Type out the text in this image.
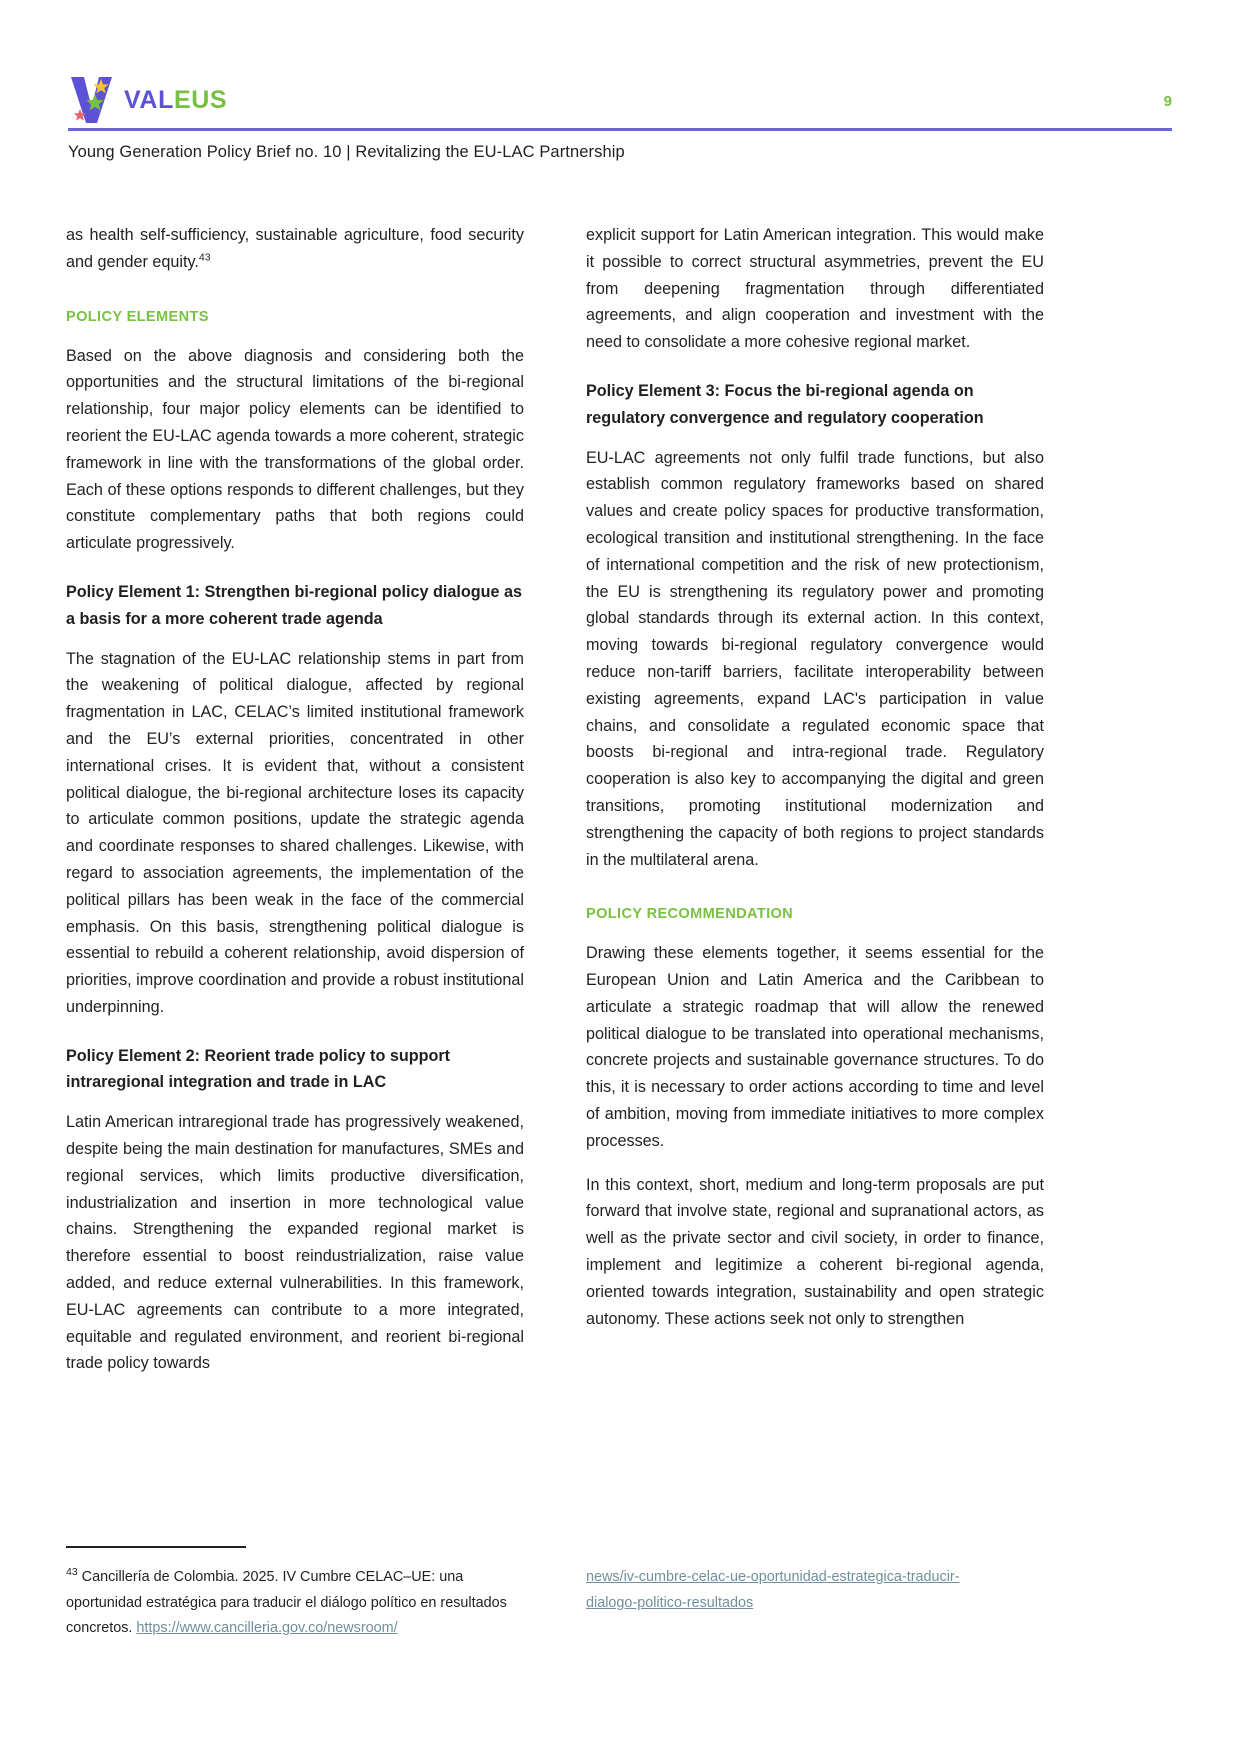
VALEUS	9
Young Generation Policy Brief no. 10 | Revitalizing the EU-LAC Partnership

as health self-sufficiency, sustainable agriculture, food security and gender equity.$^{43}$

POLICY ELEMENTS

Based on the above diagnosis and considering both the opportunities and the structural limitations of the bi-regional relationship, four major policy elements can be identified to reorient the EU-LAC agenda towards a more coherent, strategic framework in line with the transformations of the global order. Each of these options responds to different challenges, but they constitute complementary paths that both regions could articulate progressively.

Policy Element 1: Strengthen bi-regional policy dialogue as a basis for a more coherent trade agenda

The stagnation of the EU-LAC relationship stems in part from the weakening of political dialogue, affected by regional fragmentation in LAC, CELAC’s limited institutional framework and the EU’s external priorities, concentrated in other international crises. It is evident that, without a consistent political dialogue, the bi-regional architecture loses its capacity to articulate common positions, update the strategic agenda and coordinate responses to shared challenges. Likewise, with regard to association agreements, the implementation of the political pillars has been weak in the face of the commercial emphasis. On this basis, strengthening political dialogue is essential to rebuild a coherent relationship, avoid dispersion of priorities, improve coordination and provide a robust institutional underpinning.

Policy Element 2: Reorient trade policy to support intraregional integration and trade in LAC

Latin American intraregional trade has progressively weakened, despite being the main destination for manufactures, SMEs and regional services, which limits productive diversification, industrialization and insertion in more technological value chains. Strengthening the expanded regional market is therefore essential to boost reindustrialization, raise value added, and reduce external vulnerabilities. In this framework, EU-LAC agreements can contribute to a more integrated, equitable and regulated environment, and reorient bi-regional trade policy towards

explicit support for Latin American integration. This would make it possible to correct structural asymmetries, prevent the EU from deepening fragmentation through differentiated agreements, and align cooperation and investment with the need to consolidate a more cohesive regional market.

Policy Element 3: Focus the bi-regional agenda on regulatory convergence and regulatory cooperation

EU-LAC agreements not only fulfil trade functions, but also establish common regulatory frameworks based on shared values and create policy spaces for productive transformation, ecological transition and institutional strengthening. In the face of international competition and the risk of new protectionism, the EU is strengthening its regulatory power and promoting global standards through its external action. In this context, moving towards bi-regional regulatory convergence would reduce non-tariff barriers, facilitate interoperability between existing agreements, expand LAC's participation in value chains, and consolidate a regulated economic space that boosts bi-regional and intra-regional trade. Regulatory cooperation is also key to accompanying the digital and green transitions, promoting institutional modernization and strengthening the capacity of both regions to project standards in the multilateral arena.

POLICY RECOMMENDATION

Drawing these elements together, it seems essential for the European Union and Latin America and the Caribbean to articulate a strategic roadmap that will allow the renewed political dialogue to be translated into operational mechanisms, concrete projects and sustainable governance structures. To do this, it is necessary to order actions according to time and level of ambition, moving from immediate initiatives to more complex processes.

In this context, short, medium and long-term proposals are put forward that involve state, regional and supranational actors, as well as the private sector and civil society, in order to finance, implement and legitimize a coherent bi-regional agenda, oriented towards integration, sustainability and open strategic autonomy. These actions seek not only to strengthen

$^{43}$ Cancillería de Colombia. 2025. IV Cumbre CELAC–UE: una oportunidad estratégica para traducir el diálogo político en resultados concretos. https://www.cancilleria.gov.co/newsroom/
news/iv-cumbre-celac-ue-oportunidad-estrategica-traducir-
dialogo-politico-resultados
